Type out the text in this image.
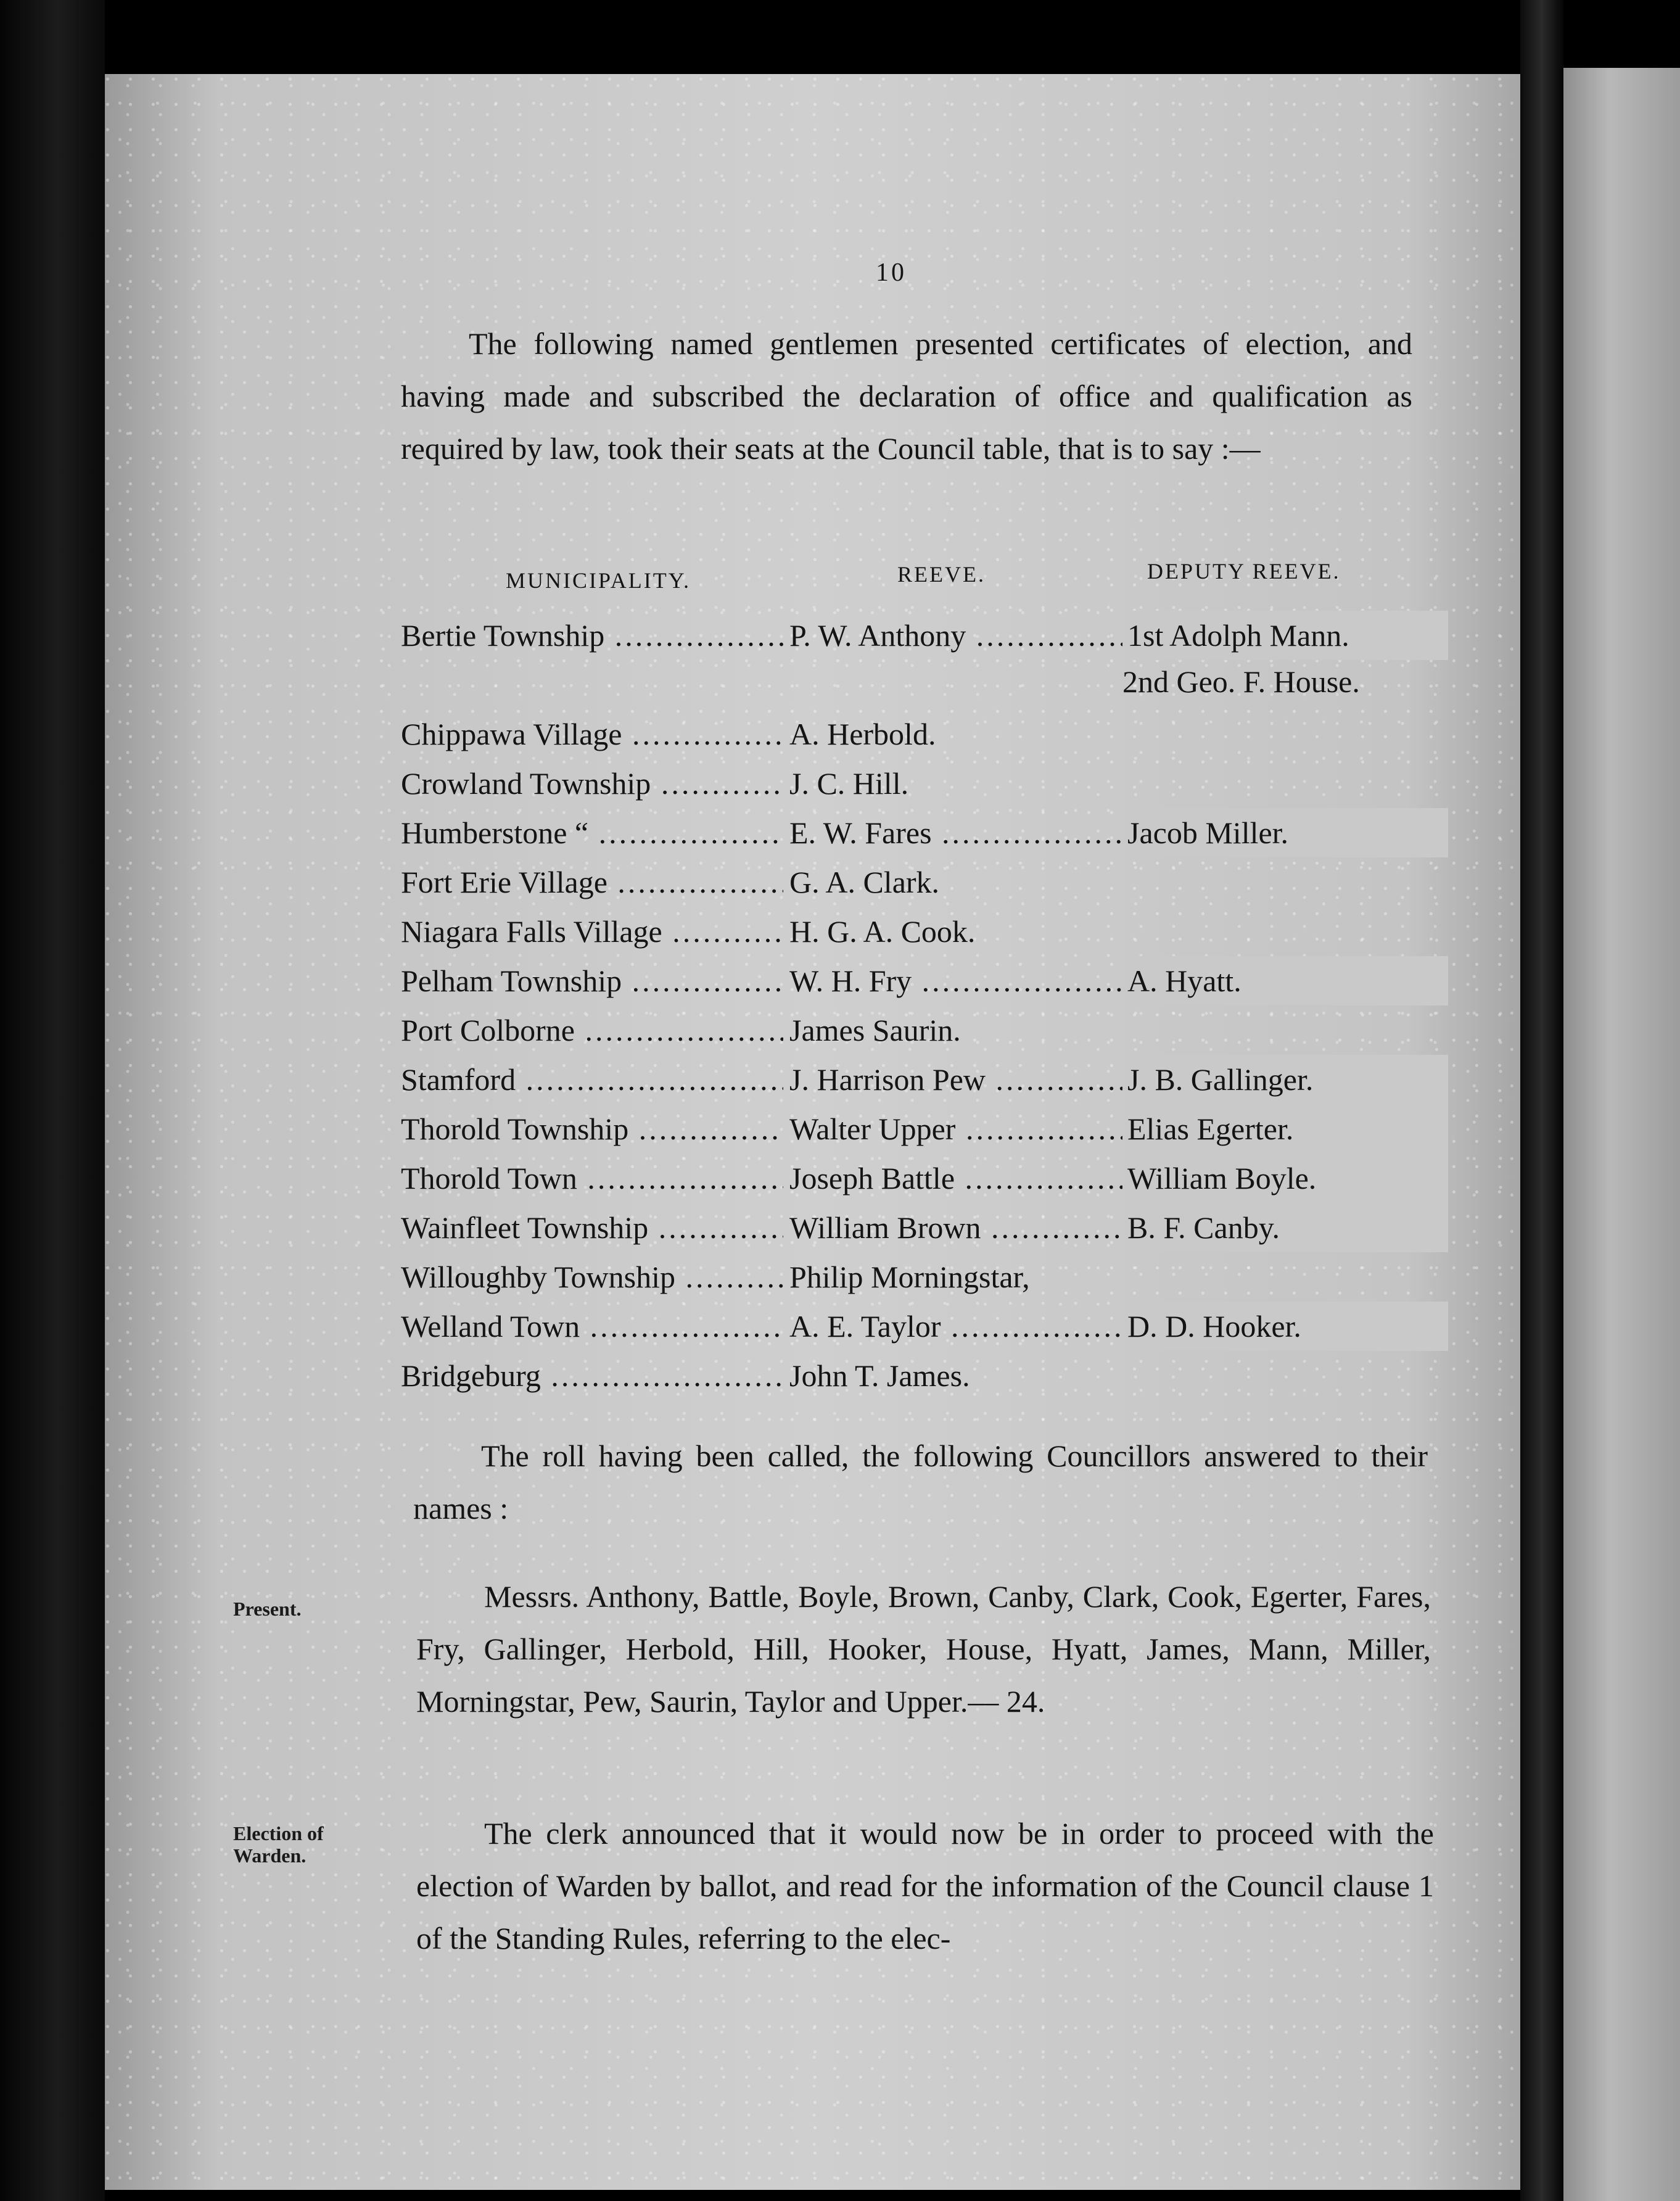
10

The following named gentlemen presented certificates of election, and having made and subscribed the declaration of office and qualification as required by law, took their seats at the Council table, that is to say :—

MUNICIPALITY.	REEVE.	DEPUTY REEVE.
Bertie Township .....	P. W. Anthony .....	1st Adolph Mann.
2nd Geo. F. House.
Chippawa Village .....	A. Herbold.
Crowland Township .....	J. C. Hill.
Humberstone “ .....	E. W. Fares .....	Jacob Miller.
Fort Erie Village .....	G. A. Clark.
Niagara Falls Village .....	H. G. A. Cook.
Pelham Township .....	W. H. Fry .....	A. Hyatt.
Port Colborne .....	James Saurin.
Stamford .....	J. Harrison Pew .....	J. B. Gallinger.
Thorold Township .....	Walter Upper .....	Elias Egerter.
Thorold Town .....	Joseph Battle .....	William Boyle.
Wainfleet Township .....	William Brown .....	B. F. Canby.
Willoughby Township .....	Philip Morningstar,
Welland Town .....	A. E. Taylor .....	D. D. Hooker.
Bridgeburg .....	John T. James.

The roll having been called, the following Councillors answered to their names :

Present.	Messrs. Anthony, Battle, Boyle, Brown, Canby, Clark, Cook, Egerter, Fares, Fry, Gallinger, Herbold, Hill, Hooker, House, Hyatt, James, Mann, Miller, Morningstar, Pew, Saurin, Taylor and Upper.— 24.

Election of Warden.

The clerk announced that it would now be in order to proceed with the election of Warden by ballot, and read for the information of the Council clause 1 of the Standing Rules, referring to the elec-
